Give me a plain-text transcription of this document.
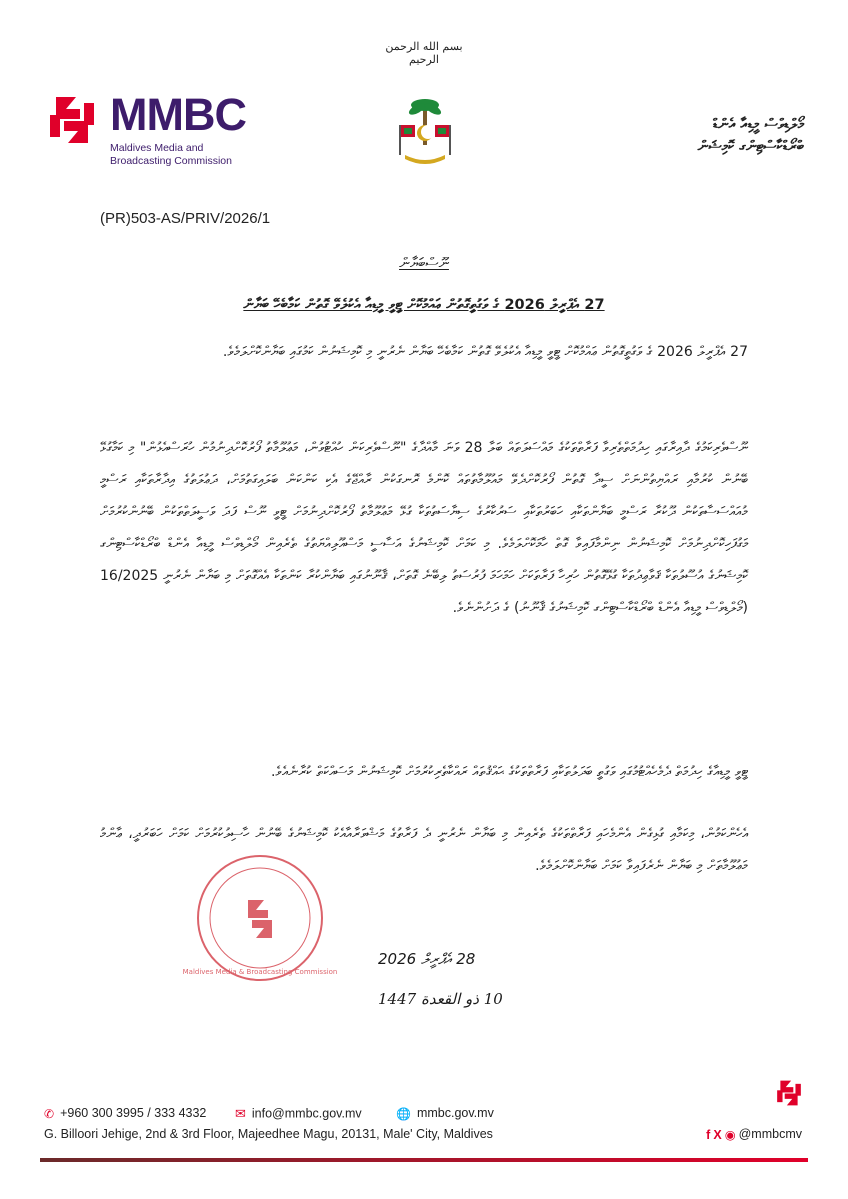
بسم الله الرحمن الرحيم
MMBC
Maldives Media and
Broadcasting Commission
މޯލްޑިވްސް މީޑިއާ އެންޑް
ބްރޯޑްކާސްޓިންގ ކޮމިޝަން
(PR)503-AS/PRIV/2026/1
ނޫސްބަޔާން
27 އެޕްރީލް 2026 ގެ ވަގުތީގޮތުން ޢައްމުކޮށް ޓީވީ މީޑިއާ އެކުލެވޭ ގޮތުން ކަމާބެހޭ ބަޔާން
27 އެޕްރީލް 2026 ގެ ވަގުތީގޮތުން ޢައްމުކޮށް ޓީވީ މީޑިއާ އެކުލެވޭ ގޮތުން ކަމާބެހޭ ބަޔާން ނެރުނީ މި ކޮމިޝަނުން ކަމުގައި ބަޔާންކޮށްލަމެވެ.
ނޫސްވެރިކަމުގެ ދާއިރާގައި ހިދުމަތްތެރިވާ ފަރާތްތަކުގެ މައްސަލަތައް ބަލާ 28 ވަނަ މާއްދާގެ "ނޫސްވެރިކަން ހުއްޓުވުން، މަޢުލޫމާތު ފޯރުކޮށްދިނުމުން ހުރަސްއެޅުން" މި ކަމާގުޅޭ ބޭނުން ކުރުމާއި ރައްޔިތުންނަށް ސީދާ ގޮތުން ފޯރުކޮށްދެވޭ މައުލޫމާތުތައް ކޮންމެ ރޮނގަކުން ރާއްޖޭގެ އެކި ކަންކަން ބަލައިގަތުމަށް، ދަޢުލަތުގެ އިދާރާތަކާއި ރަސްމީ މުއައްސަސާތަކުން ދޫކުރާ ރަސްމީ ބަޔާންތަކާއި ހަބަރުތަކާއި ސަރުކާރުގެ ސިޔާސަތުތަކާ ގުޅޭ މަޢުލޫމާތު ފޯރުކޮށްދިނުމަށް ޓީވީ ނޫސް ފަދަ ވަސީލަތްތަކުން ބޭނުންކުރުމަށް މަގުފަހިކޮށްދިނުމަށް ކޮމިޝަނުން ނިންމާފައިވާ ގޮތް ހާމަކޮށްލަމެވެ. މި ކަމަށް ކޮމިޝަނުގެ އަސާސީ މަސްއޫލިއްޔަތުގެ ތެރެއިން މޯލްޑިވްސް މީޑިއާ އެންޑް ބްރޯޑްކާސްޓިންގ ކޮމިޝަނުގެ އުސޫލުތަކާ ޤަވާޢިދުތަކާ ގުޅޭގޮތުން ހުރިހާ ފަރާތަކަށް ހަމަހަމަ ފުރުސަތު ލިބޭނެ ގޮތަށް، ޤާނޫނުގައި ބަޔާންކުރާ ކަންތަކާ އެއްގޮތަށް މި ބަޔާން ނެރުނީ 16/2025 (މޯލްޑިވްސް މީޑިއާ އެންޑް ބްރޯޑްކާސްޓިންގ ކޮމިޝަނުގެ ޤާނޫނު) ގެ ދަށުންނެވެ.
ޓީވީ މީޑިއާގެ ހިދުމަތް ދެމެހެއްޓުމުގައި ވަގުތީ ބަދަލުތަކާއި ފަރާތްތަކުގެ ޙައްޤުތައް ރައްކާތެރިކުރުމަށް ކޮމިޝަނުން މަސައްކަތް ކުރާނެއެވެ.
އެހެންކަމުން، މިކަމާއި ގުޅިގެން އެންމެހައި ފަރާތްތަކުގެ ތެރެއިން މި ބަޔާން ނެރުނީ ދެ ފަރާތުގެ މަޝްވަރާއާއެކު ކޮމިޝަނުގެ ބޭނުން ހާސިލުކުރުމަށް ކަމަށް ހަބަރުދީ، ޢާންމު މަޢުލޫމާތަށް މި ބަޔާން ނެރެފައިވާ ކަމަށް ބަޔާންކޮށްލަމެވެ.
Maldives Media & Broadcasting Commission
28 އެޕްރީލް 2026
10 ذو القعدة 1447
✆ +960 300 3995 / 333 4332 ✉ info@mmbc.gov.mv	🌐 mmbc.gov.mv
G. Billoori Jehige, 2nd & 3rd Floor, Majeedhee Magu, 20131, Male' City, Maldives	f X ◉ @mmbcmv
